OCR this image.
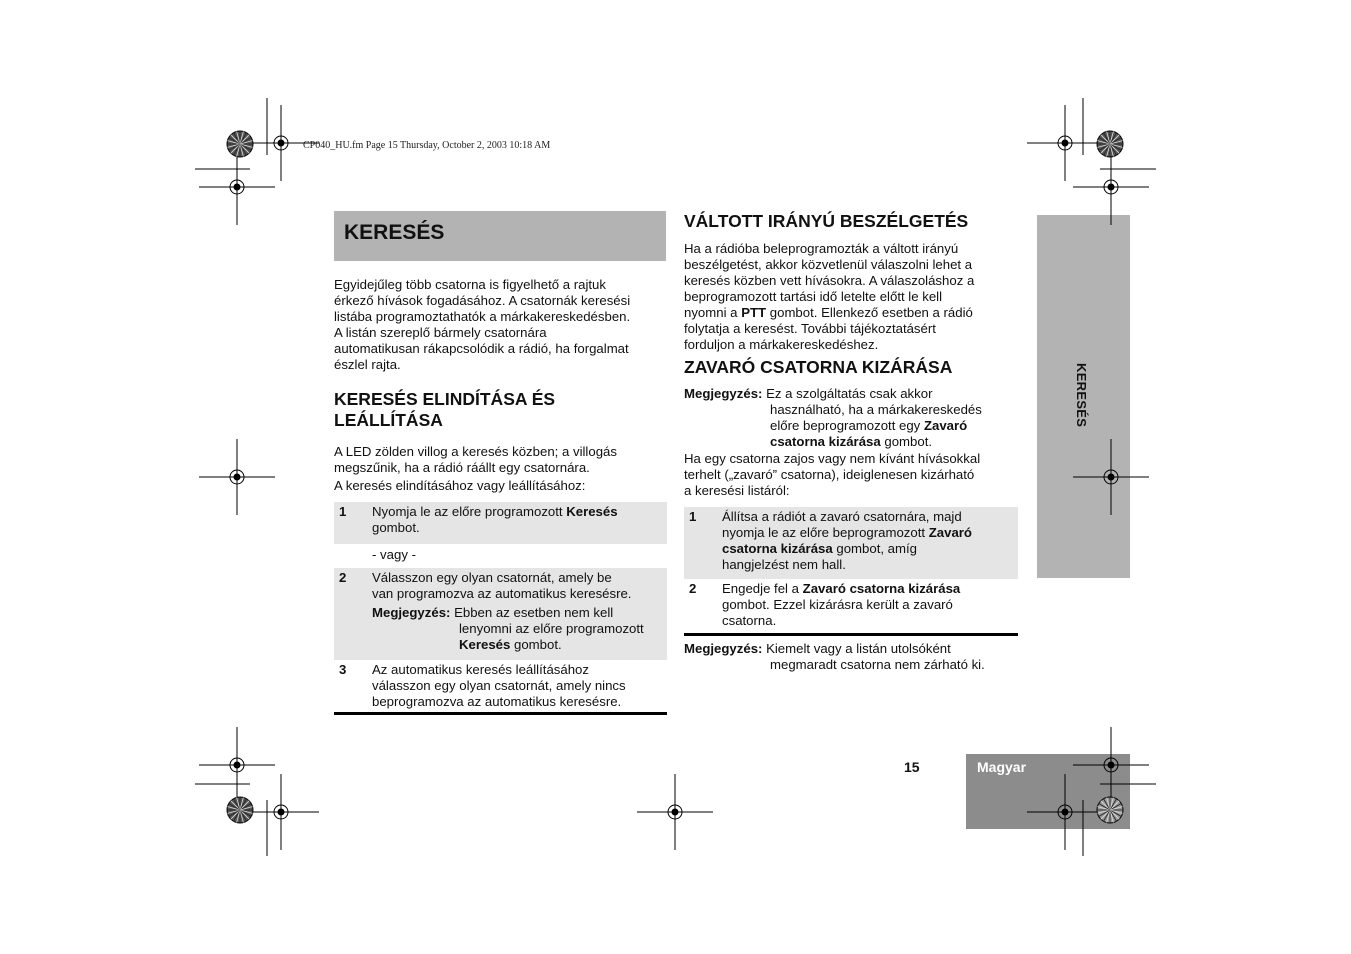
CP040_HU.fm Page 15 Thursday, October 2, 2003 10:18 AM
KERESÉS
Egyidejűleg több csatorna is figyelhető a rajtuk
érkező hívások fogadásához. A csatornák keresési
listába programoztathatók a márkakereskedésben.
A listán szereplő bármely csatornára
automatikusan rákapcsolódik a rádió, ha forgalmat
észlel rajta.
KERESÉS ELINDÍTÁSA ÉS
LEÁLLÍTÁSA
A LED zölden villog a keresés közben; a villogás
megszűnik, ha a rádió ráállt egy csatornára.
A keresés elindításához vagy leállításához:
1 Nyomja le az előre programozott Keresés
gombot.
- vagy -
2 Válasszon egy olyan csatornát, amely be
van programozva az automatikus keresésre.
Megjegyzés: Ebben az esetben nem kell
lenyomni az előre programozott
Keresés gombot.
3 Az automatikus keresés leállításához
válasszon egy olyan csatornát, amely nincs
beprogramozva az automatikus keresésre.
VÁLTOTT IRÁNYÚ BESZÉLGETÉS
Ha a rádióba beleprogramozták a váltott irányú
beszélgetést, akkor közvetlenül válaszolni lehet a
keresés közben vett hívásokra. A válaszoláshoz a
beprogramozott tartási idő letelte előtt le kell
nyomni a PTT gombot. Ellenkező esetben a rádió
folytatja a keresést. További tájékoztatásért
forduljon a márkakereskedéshez.
ZAVARÓ CSATORNA KIZÁRÁSA
Megjegyzés: Ez a szolgáltatás csak akkor
használható, ha a márkakereskedés
előre beprogramozott egy Zavaró
csatorna kizárása gombot.
Ha egy csatorna zajos vagy nem kívánt hívásokkal
terhelt („zavaró” csatorna), ideiglenesen kizárható
a keresési listáról:
1 Állítsa a rádiót a zavaró csatornára, majd
nyomja le az előre beprogramozott Zavaró
csatorna kizárása gombot, amíg
hangjelzést nem hall.
2 Engedje fel a Zavaró csatorna kizárása
gombot. Ezzel kizárásra került a zavaró
csatorna.
Megjegyzés: Kiemelt vagy a listán utolsóként
megmaradt csatorna nem zárható ki.
KERESÉS
15	Magyar
